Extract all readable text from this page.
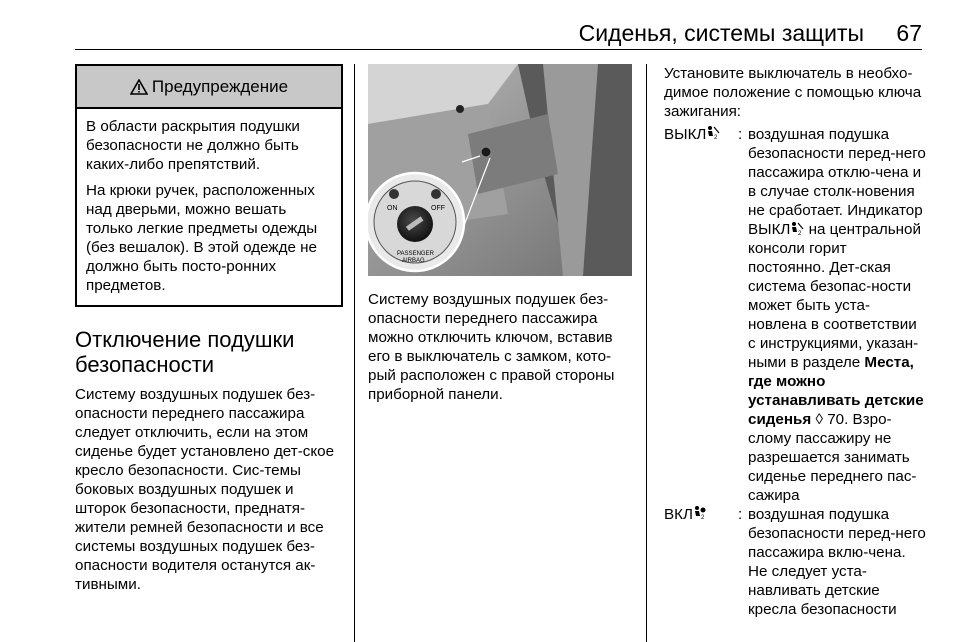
Сиденья, системы защиты 67
Предупреждение

В области раскрытия подушки безопасности не должно быть каких-либо препятствий.

На крюки ручек, расположенных над дверьми, можно вешать только легкие предметы одежды (без вешалок). В этой одежде не должно быть посто-ронних предметов.

Отключение подушки безопасности

Систему воздушных подушек без-опасности переднего пассажира следует отключить, если на этом сиденье будет установлено дет-ское кресло безопасности. Сис-темы боковых воздушных подушек и шторок безопасности, преднатя-жители ремней безопасности и все системы воздушных подушек без-опасности водителя останутся ак-тивными.

ON	OFF
PASSENGER
AIRBAG

Систему воздушных подушек без-опасности переднего пассажира можно отключить ключом, вставив его в выключатель с замком, кото-рый расположен с правой стороны приборной панели.

Установите выключатель в необхо-димое положение с помощью ключа зажигания:

ВЫКЛ 2 : воздушная подушка безопасности перед-него пассажира отклю-чена и в случае столк-новения не сработает. Индикатор ВЫКЛ 2 на центральной консоли горит постоянно. Дет-ская система безопас-ности может быть уста-новлена в соответствии с инструкциями, указан-ными в разделе Места, где можно устанавливать детские сиденья ◊ 70. Взро-слому пассажиру не разрешается занимать сиденье переднего пас-сажира
ВКЛ 2 : воздушная подушка безопасности перед-него пассажира вклю-чена. Не следует уста-навливать детские кресла безопасности
